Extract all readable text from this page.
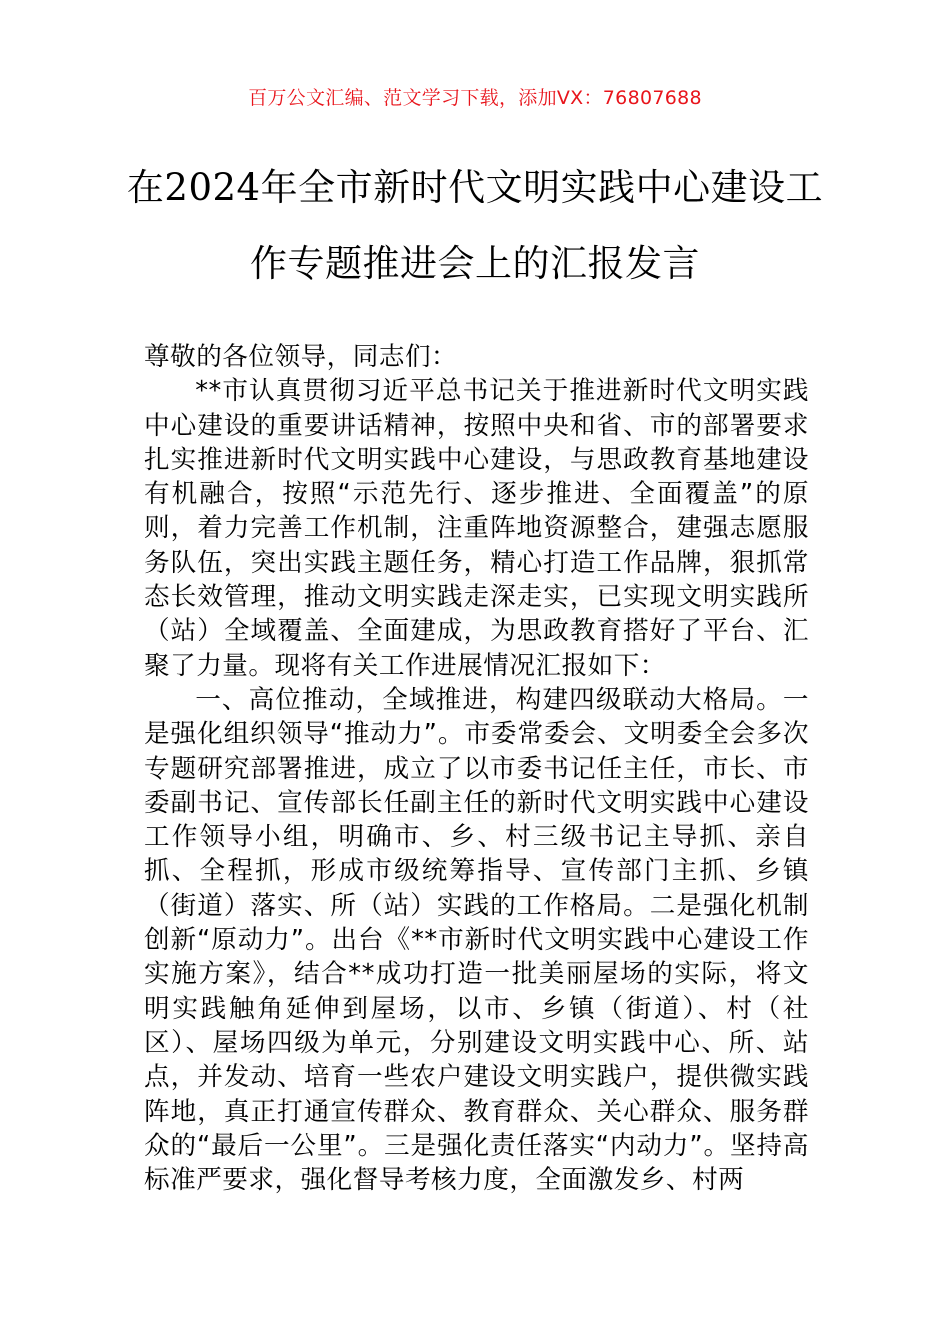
百万公文汇编、范文学习下载，添加VX：76807688
在2024年全市新时代文明实践中心建设工
作专题推进会上的汇报发言

尊敬的各位领导，同志们：

**市认真贯彻习近平总书记关于推进新时代文明实践中心建设的重要讲话精神，按照中央和省、市的部署要求扎实推进新时代文明实践中心建设，与思政教育基地建设有机融合，按照“示范先行、逐步推进、全面覆盖”的原则，着力完善工作机制，注重阵地资源整合，建强志愿服务队伍，突出实践主题任务，精心打造工作品牌，狠抓常态长效管理，推动文明实践走深走实，已实现文明实践所（站）全域覆盖、全面建成，为思政教育搭好了平台、汇聚了力量。现将有关工作进展情况汇报如下：

一、高位推动，全域推进，构建四级联动大格局。一是强化组织领导“推动力”。市委常委会、文明委全会多次专题研究部署推进，成立了以市委书记任主任，市长、市委副书记、宣传部长任副主任的新时代文明实践中心建设工作领导小组，明确市、乡、村三级书记主导抓、亲自抓、全程抓，形成市级统筹指导、宣传部门主抓、乡镇（街道）落实、所（站）实践的工作格局。二是强化机制创新“原动力”。出台《**市新时代文明实践中心建设工作实施方案》，结合**成功打造一批美丽屋场的实际，将文明实践触角延伸到屋场，以市、乡镇（街道）、村（社区）、屋场四级为单元，分别建设文明实践中心、所、站点，并发动、培育一些农户建设文明实践户，提供微实践阵地，真正打通宣传群众、教育群众、关心群众、服务群众的“最后一公里”。三是强化责任落实“内动力”。坚持高标准严要求，强化督导考核力度，全面激发乡、村两
